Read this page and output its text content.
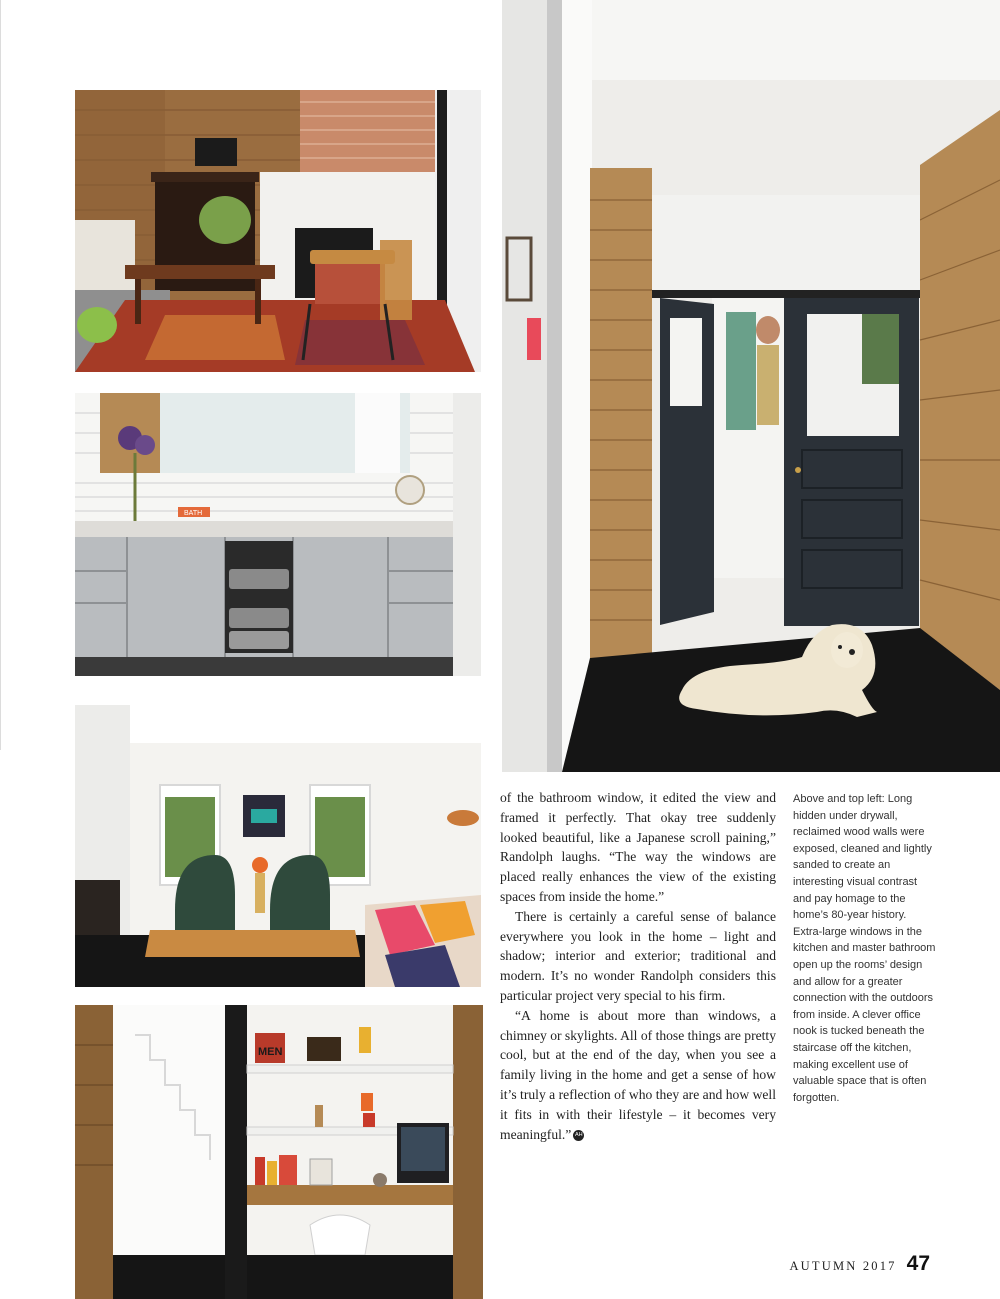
BATH
MEN

of the bathroom window, it edited the view and framed it perfectly. That okay tree suddenly looked beautiful, like a Japanese scroll paining,” Randolph laughs. “The way the windows are placed really enhances the view of the existing spaces from inside the home.”

There is certainly a careful sense of balance everywhere you look in the home – light and shadow; interior and exterior; traditional and modern. It’s no wonder Randolph considers this particular project very special to his firm.

“A home is about more than windows, a chimney or skylights. All of those things are pretty cool, but at the end of the day, when you see a family living in the home and get a sense of how it’s truly a reflection of who they are and how well it fits in with their lifestyle – it becomes very meaningful.” AH

Above and top left: Long hidden under drywall, reclaimed wood walls were exposed, cleaned and lightly sanded to create an interesting visual contrast and pay homage to the home’s 80-year history. Extra-large windows in the kitchen and master bathroom open up the rooms’ design and allow for a greater connection with the outdoors from inside. A clever office nook is tucked beneath the staircase off the kitchen, making excellent use of valuable space that is often forgotten.
AUTUMN 2017 47
